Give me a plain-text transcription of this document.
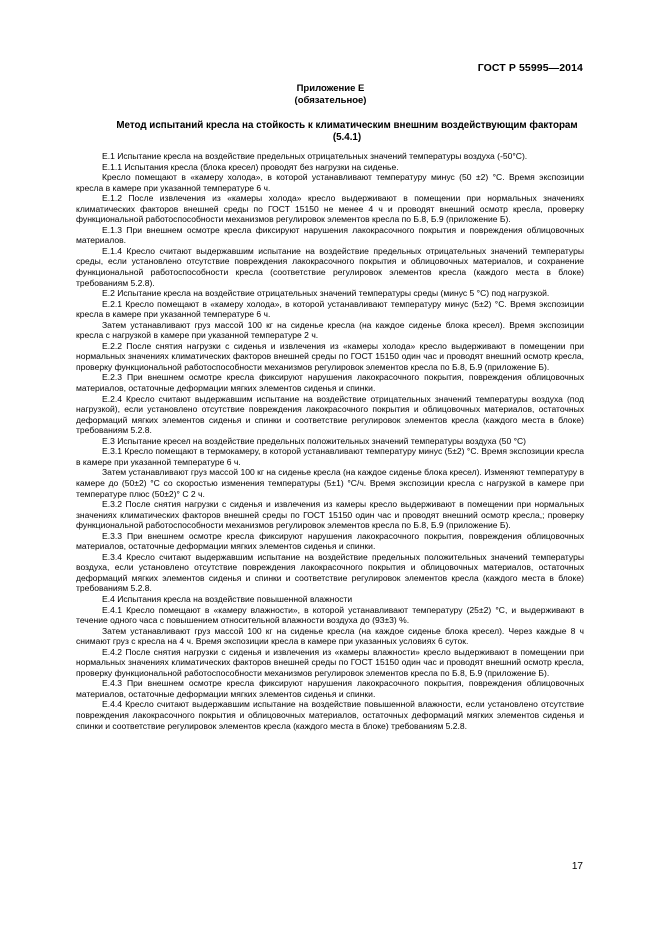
ГОСТ Р 55995—2014
Приложение Е
(обязательное)
Метод испытаний кресла на стойкость к климатическим внешним воздействующим факторам (5.4.1)

Е.1 Испытание кресла на воздействие предельных отрицательных значений температуры воздуха (-50°С).

Е.1.1 Испытания кресла (блока кресел) проводят без нагрузки на сиденье.

Кресло помещают в «камеру холода», в которой устанавливают температуру минус (50 ±2) °С. Время экспозиции кресла в камере при указанной температуре 6 ч.

Е.1.2 После извлечения из «камеры холода» кресло выдерживают в помещении при нормальных значениях климатических факторов внешней среды по ГОСТ 15150 не менее 4 ч и проводят внешний осмотр кресла, проверку функциональной работоспособности механизмов регулировок элементов кресла по Б.8, Б.9 (приложение Б).

Е.1.3 При внешнем осмотре кресла фиксируют нарушения лакокрасочного покрытия и повреждения облицовочных материалов.

Е.1.4 Кресло считают выдержавшим испытание на воздействие предельных отрицательных значений температуры среды, если установлено отсутствие повреждения лакокрасочного покрытия и облицовочных материалов, и сохранение функциональной работоспособности кресла (соответствие регулировок элементов кресла (каждого места в блоке) требованиям 5.2.8).

Е.2 Испытание кресла на воздействие отрицательных значений температуры среды (минус 5 °С) под нагрузкой.

Е.2.1 Кресло помещают в «камеру холода», в которой устанавливают температуру минус (5±2) °С. Время экспозиции кресла в камере при указанной температуре 6 ч.

Затем устанавливают груз массой 100 кг на сиденье кресла (на каждое сиденье блока кресел). Время экспозиции кресла с нагрузкой в камере при указанной температуре 2 ч.

Е.2.2 После снятия нагрузки с сиденья и извлечения из «камеры холода» кресло выдерживают в помещении при нормальных значениях климатических факторов внешней среды по ГОСТ 15150 один час и проводят внешний осмотр кресла, проверку функциональной работоспособности механизмов регулировок элементов кресла по Б.8, Б.9 (приложение Б).

Е.2.3 При внешнем осмотре кресла фиксируют нарушения лакокрасочного покрытия, повреждения облицовочных материалов, остаточные деформации мягких элементов сиденья и спинки.

Е.2.4 Кресло считают выдержавшим испытание на воздействие отрицательных значений температуры воздуха (под нагрузкой), если установлено отсутствие повреждения лакокрасочного покрытия и облицовочных материалов, остаточных деформаций мягких элементов сиденья и спинки и соответствие регулировок элементов кресла (каждого места в блоке) требованиям 5.2.8.

Е.3 Испытание кресел на воздействие предельных положительных значений температуры воздуха (50 °С)

Е.3.1 Кресло помещают в термокамеру, в которой устанавливают температуру минус (5±2) °С. Время экспозиции кресла в камере при указанной температуре 6 ч.

Затем устанавливают груз массой 100 кг на сиденье кресла (на каждое сиденье блока кресел). Изменяют температуру в камере до (50±2) °С со скоростью изменения температуры (5±1) °С/ч. Время экспозиции кресла с нагрузкой в камере при температуре плюс (50±2)° С 2 ч.

Е.3.2 После снятия нагрузки с сиденья и извлечения из камеры кресло выдерживают в помещении при нормальных значениях климатических факторов внешней среды по ГОСТ 15150 один час и проводят внешний осмотр кресла,; проверку функциональной работоспособности механизмов регулировок элементов кресла по Б.8, Б.9 (приложение Б).

Е.3.3 При внешнем осмотре кресла фиксируют нарушения лакокрасочного покрытия, повреждения облицовочных материалов, остаточные деформации мягких элементов сиденья и спинки.

Е.3.4 Кресло считают выдержавшим испытание на воздействие предельных положительных значений температуры воздуха, если установлено отсутствие повреждения лакокрасочного покрытия и облицовочных материалов, остаточных деформаций мягких элементов сиденья и спинки и соответствие регулировок элементов кресла (каждого места в блоке) требованиям 5.2.8.

Е.4 Испытания кресла на воздействие повышенной влажности

Е.4.1 Кресло помещают в «камеру влажности», в которой устанавливают температуру (25±2) °С, и выдерживают в течение одного часа с повышением относительной влажности воздуха до (93±3) %.

Затем устанавливают груз массой 100 кг на сиденье кресла (на каждое сиденье блока кресел). Через каждые 8 ч снимают груз с кресла на 4 ч. Время экспозиции кресла в камере при указанных условиях 6 суток.

Е.4.2 После снятия нагрузки с сиденья и извлечения из «камеры влажности» кресло выдерживают в помещении при нормальных значениях климатических факторов внешней среды по ГОСТ 15150 один час и проводят внешний осмотр кресла, проверку функциональной работоспособности механизмов регулировок элементов кресла по Б.8, Б.9 (приложение Б).

Е.4.3 При внешнем осмотре кресла фиксируют нарушения лакокрасочного покрытия, повреждения облицовочных материалов, остаточные деформации мягких элементов сиденья и спинки.

Е.4.4 Кресло считают выдержавшим испытание на воздействие повышенной влажности, если установлено отсутствие повреждения лакокрасочного покрытия и облицовочных материалов, остаточных деформаций мягких элементов сиденья и спинки и соответствие регулировок элементов кресла (каждого места в блоке) требованиям 5.2.8.

17
